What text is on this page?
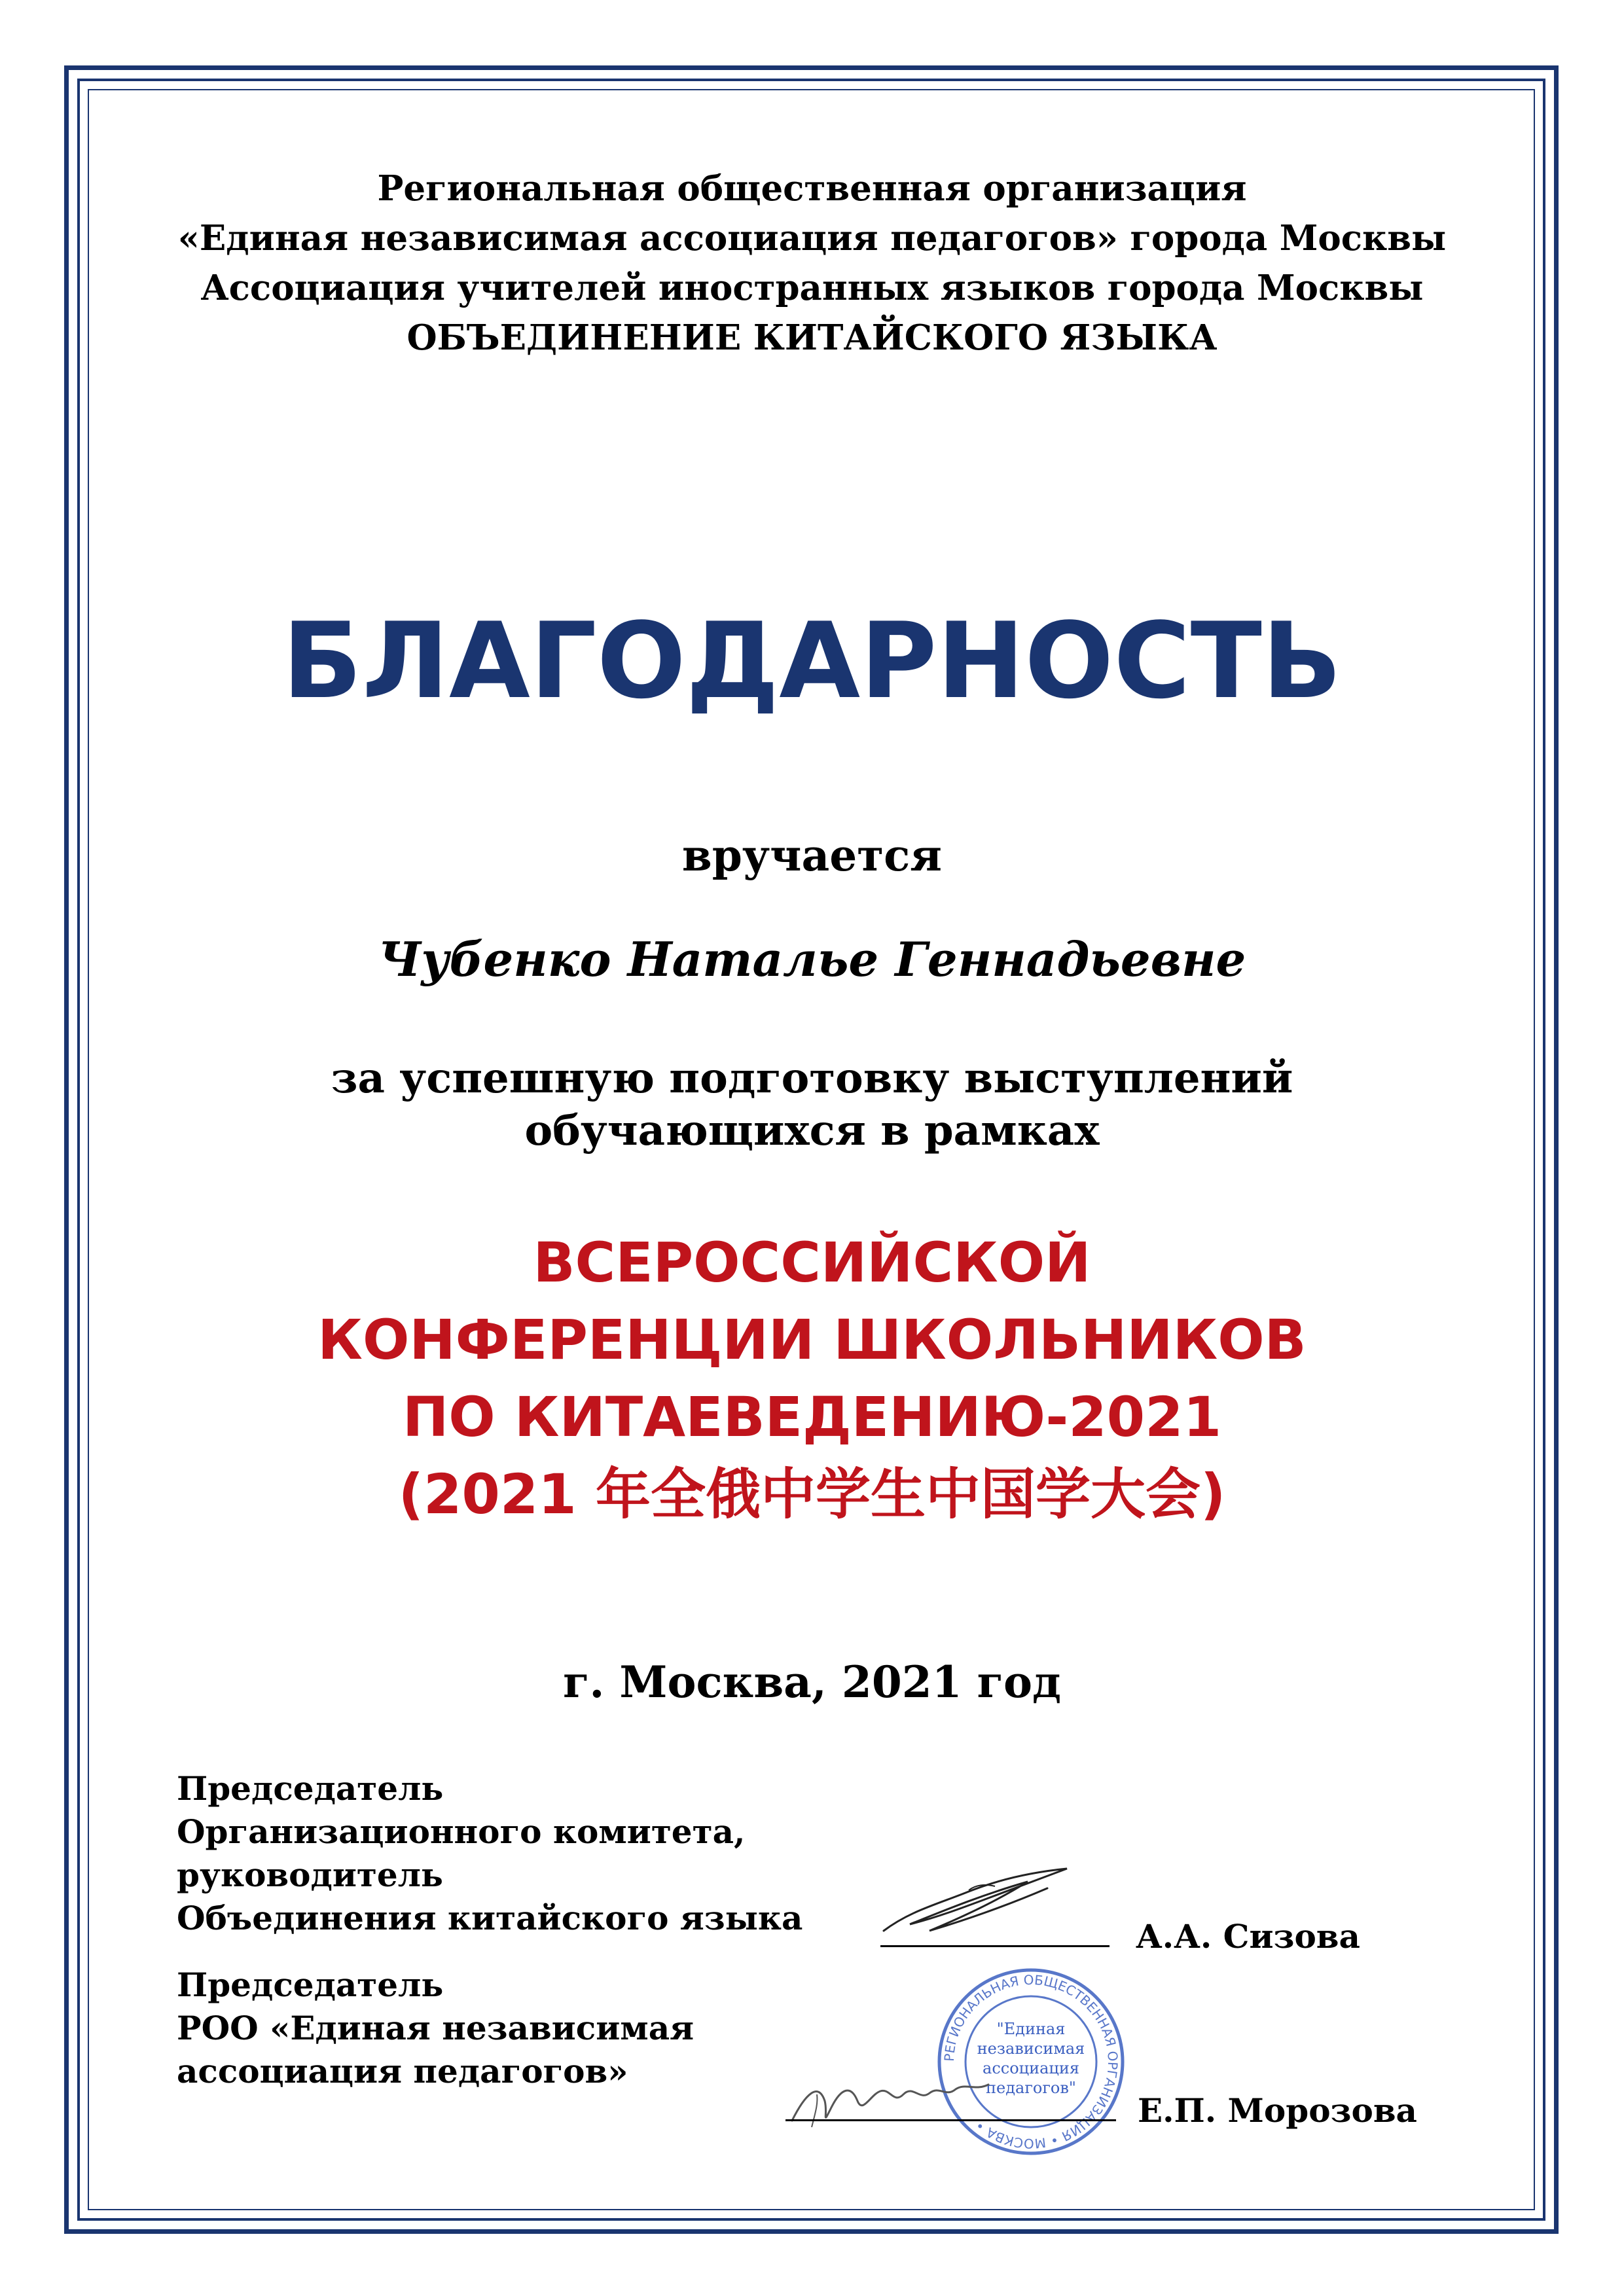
Региональная общественная организация
«Единая независимая ассоциация педагогов» города Москвы
Ассоциация учителей иностранных языков города Москвы
ОБЪЕДИНЕНИЕ КИТАЙСКОГО ЯЗЫКА
БЛАГОДАРНОСТЬ
вручается
Чубенко Наталье Геннадьевне
за успешную подготовку выступлений
обучающихся в рамках
ВСЕРОССИЙСКОЙ
КОНФЕРЕНЦИИ ШКОЛЬНИКОВ
ПО КИТАЕВЕДЕНИЮ-2021
(2021 年全俄中学生中国学大会)
г. Москва, 2021 год
Председатель
Организационного комитета,
руководитель
Объединения китайского языка	А.А. Сизова
Председатель
РОО «Единая независимая
ассоциация педагогов»	РЕГИОНАЛЬНАЯ ОБЩЕСТВЕННАЯ ОРГАНИЗАЦИЯ • МОСКВА •
"Единая
независимая
ассоциация
педагогов"
Е.П. Морозова
